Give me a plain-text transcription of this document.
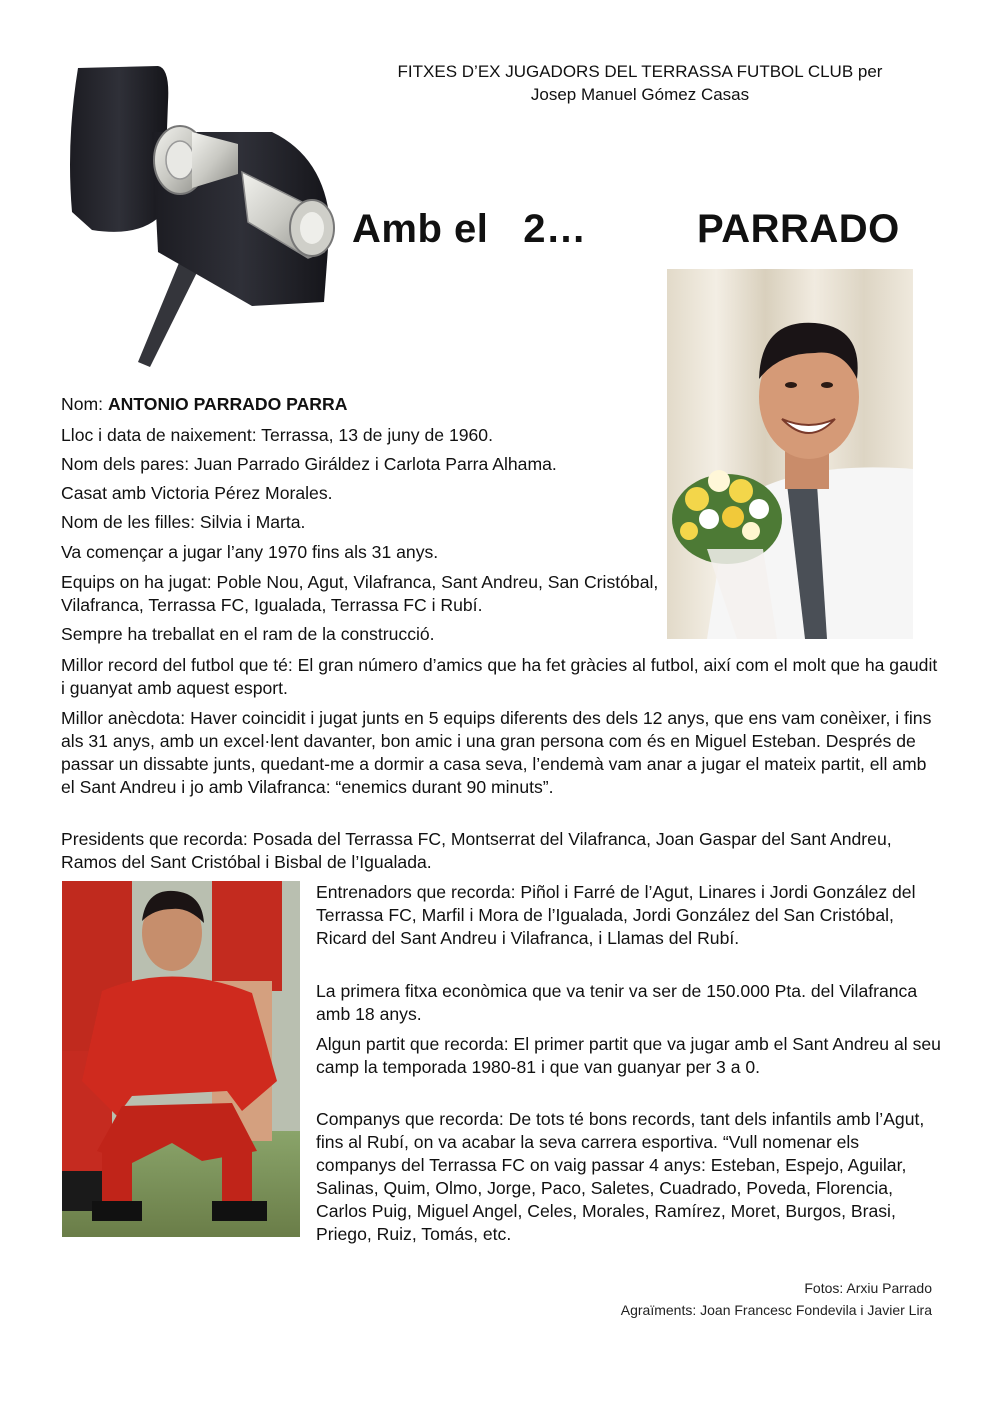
FITXES D’EX JUGADORS DEL TERRASSA FUTBOL CLUB per
Josep Manuel Gómez Casas
Amb el   2…	PARRADO

Nom: ANTONIO PARRADO PARRA

Lloc i data de naixement: Terrassa, 13 de juny de 1960.

Nom dels pares: Juan Parrado Giráldez i Carlota Parra Alhama.

Casat amb Victoria Pérez Morales.

Nom de les filles: Silvia i Marta.

Va començar a jugar l’any 1970 fins als 31 anys.

Equips on ha jugat: Poble Nou, Agut, Vilafranca, Sant Andreu, San Cristóbal, Vilafranca, Terrassa FC, Igualada, Terrassa FC i Rubí.

Sempre ha treballat en el ram de la construcció.

Millor record del futbol que té: El gran número d’amics que ha fet gràcies al futbol, així com el molt que ha gaudit i guanyat amb aquest esport.

Millor anècdota: Haver coincidit i jugat junts en 5 equips diferents des dels 12 anys, que ens vam conèixer, i fins als 31 anys, amb un excel·lent davanter, bon amic i una gran persona com és en Miguel Esteban. Després de passar un dissabte junts, quedant-me a dormir a casa seva, l’endemà vam anar a jugar el mateix partit, ell amb el Sant Andreu i jo amb Vilafranca: “enemics durant 90 minuts”.

Presidents que recorda: Posada del Terrassa FC, Montserrat del Vilafranca, Joan Gaspar del Sant Andreu, Ramos del Sant Cristóbal i Bisbal de l’Igualada.

Entrenadors que recorda: Piñol i Farré de l’Agut, Linares i Jordi González del Terrassa FC, Marfil i Mora de l’Igualada, Jordi González del San Cristóbal, Ricard del Sant Andreu i Vilafranca, i Llamas del Rubí.

La primera fitxa econòmica que va tenir va ser de 150.000 Pta. del Vilafranca amb 18 anys.

Algun partit que recorda: El primer partit que va jugar amb el Sant Andreu al seu camp la temporada 1980-81 i que van guanyar per 3 a 0.

Companys que recorda: De tots té bons records, tant dels infantils amb l’Agut, fins al Rubí, on va acabar la seva carrera esportiva. “Vull nomenar els companys del Terrassa FC on vaig passar 4 anys: Esteban, Espejo, Aguilar, Salinas, Quim, Olmo, Jorge, Paco, Saletes, Cuadrado, Poveda, Florencia, Carlos Puig, Miguel Angel, Celes, Morales, Ramírez, Moret, Burgos, Brasi, Priego, Ruiz, Tomás, etc.

Fotos: Arxiu Parrado
Agraïments: Joan Francesc Fondevila i Javier Lira
